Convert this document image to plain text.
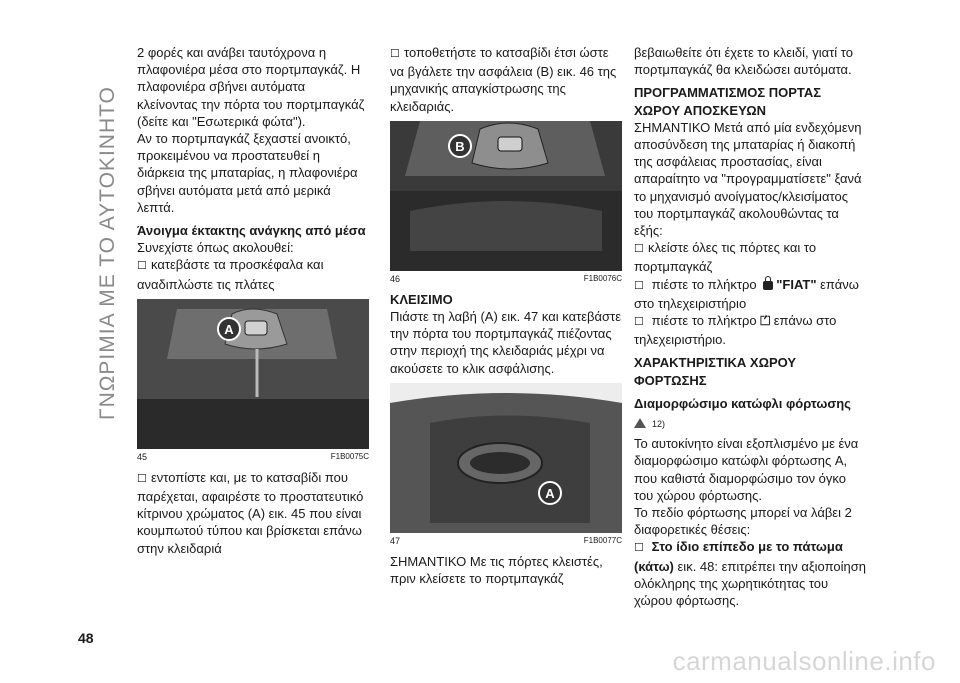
ΓΝΩΡΙΜΙΑ ΜΕ ΤΟ ΑΥΤΟΚΙΝΗΤΟ
48

2 φορές και ανάβει ταυτόχρονα η πλαφονιέρα μέσα στο πορτμπαγκάζ. Η πλαφονιέρα σβήνει αυτόματα κλείνοντας την πόρτα του πορτμπαγκάζ (δείτε και "Εσωτερικά φώτα").

Αν το πορτμπαγκάζ ξεχαστεί ανοικτό, προκειμένου να προστατευθεί η διάρκεια της μπαταρίας, η πλαφονιέρα σβήνει αυτόματα μετά από μερικά λεπτά.

Άνοιγμα έκτακτης ανάγκης από μέσα

Συνεχίστε όπως ακολουθεί:

☐ κατεβάστε τα προσκέφαλα και αναδιπλώστε τις πλάτες

A
45	F1B0075C

☐ εντοπίστε και, με το κατσαβίδι που παρέχεται, αφαιρέστε το προστατευτικό κίτρινου χρώματος (A) εικ. 45 που είναι κουμπωτού τύπου και βρίσκεται επάνω στην κλειδαριά

☐ τοποθετήστε το κατσαβίδι έτσι ώστε να βγάλετε την ασφάλεια (B) εικ. 46 της μηχανικής απαγκίστρωσης της κλειδαριάς.

B
46	F1B0076C
ΚΛΕΙΣΙΜΟ

Πιάστε τη λαβή (A) εικ. 47 και κατεβάστε την πόρτα του πορτμπαγκάζ πιέζοντας στην περιοχή της κλειδαριάς μέχρι να ακούσετε το κλικ ασφάλισης.

A
47	F1B0077C

ΣΗΜΑΝΤΙΚΟ Με τις πόρτες κλειστές, πριν κλείσετε το πορτμπαγκάζ

βεβαιωθείτε ότι έχετε το κλειδί, γιατί το πορτμπαγκάζ θα κλειδώσει αυτόματα.

ΠΡΟΓΡΑΜΜΑΤΙΣΜΟΣ ΠΟΡΤΑΣ ΧΩΡΟΥ ΑΠΟΣΚΕΥΩΝ

ΣΗΜΑΝΤΙΚΟ Μετά από μία ενδεχόμενη αποσύνδεση της μπαταρίας ή διακοπή της ασφάλειας προστασίας, είναι απαραίτητο να "προγραμματίσετε" ξανά το μηχανισμό ανοίγματος/κλεισίματος του πορτμπαγκάζ ακολουθώντας τα εξής:

☐ κλείστε όλες τις πόρτες και το πορτμπαγκάζ

☐ πιέστε το πλήκτρο "FIAT" επάνω στο τηλεχειριστήριο

☐ πιέστε το πλήκτρο ⏍ επάνω στο τηλεχειριστήριο.

ΧΑΡΑΚΤΗΡΙΣΤΙΚΑ ΧΩΡΟΥ ΦΟΡΤΩΣΗΣ
Διαμορφώσιμο κατώφλι φόρτωσης
12)

Το αυτοκίνητο είναι εξοπλισμένο με ένα διαμορφώσιμο κατώφλι φόρτωσης A, που καθιστά διαμορφώσιμο τον όγκο του χώρου φόρτωσης.

Το πεδίο φόρτωσης μπορεί να λάβει 2 διαφορετικές θέσεις:

☐ Στο ίδιο επίπεδο με το πάτωμα (κάτω) εικ. 48: επιτρέπει την αξιοποίηση ολόκληρης της χωρητικότητας του χώρου φόρτωσης.

carmanualsonline.info
